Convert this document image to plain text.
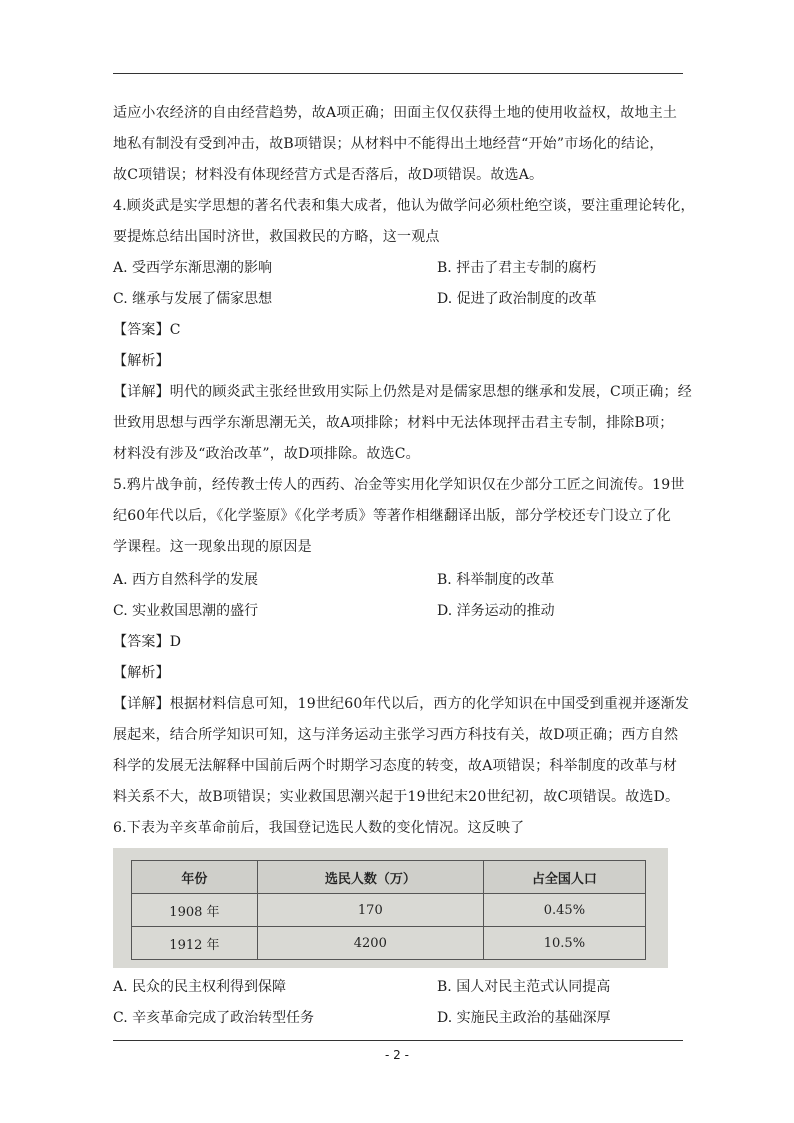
适应小农经济的自由经营趋势，故A项正确；田面主仅仅获得土地的使用收益权，故地主土
地私有制没有受到冲击，故B项错误；从材料中不能得出土地经营“开始”市场化的结论，
故C项错误；材料没有体现经营方式是否落后，故D项错误。故选A。
4.顾炎武是实学思想的著名代表和集大成者，他认为做学问必须杜绝空谈，要注重理论转化，
要提炼总结出国时济世，救国救民的方略，这一观点
A. 受西学东渐思潮的影响	B. 抨击了君主专制的腐朽
C. 继承与发展了儒家思想	D. 促进了政治制度的改革
【答案】C
【解析】
【详解】明代的顾炎武主张经世致用实际上仍然是对是儒家思想的继承和发展，C项正确；经
世致用思想与西学东渐思潮无关，故A项排除；材料中无法体现抨击君主专制，排除B项；
材料没有涉及“政治改革”，故D项排除。故选C。
5.鸦片战争前，经传教士传人的西药、冶金等实用化学知识仅在少部分工匠之间流传。19世
纪60年代以后，《化学鉴原》《化学考质》等著作相继翻译出版，部分学校还专门设立了化
学课程。这一现象出现的原因是
A. 西方自然科学的发展	B. 科举制度的改革
C. 实业救国思潮的盛行	D. 洋务运动的推动
【答案】D
【解析】
【详解】根据材料信息可知，19世纪60年代以后，西方的化学知识在中国受到重视并逐渐发
展起来，结合所学知识可知，这与洋务运动主张学习西方科技有关，故D项正确；西方自然
科学的发展无法解释中国前后两个时期学习态度的转变，故A项错误；科举制度的改革与材
料关系不大，故B项错误；实业救国思潮兴起于19世纪末20世纪初，故C项错误。故选D。
6.下表为辛亥革命前后，我国登记选民人数的变化情况。这反映了
年份	选民人数（万）	占全国人口
1908 年	170	0.45%
1912 年	4200	10.5%
A. 民众的民主权利得到保障	B. 国人对民主范式认同提高
C. 辛亥革命完成了政治转型任务	D. 实施民主政治的基础深厚
- 2 -
